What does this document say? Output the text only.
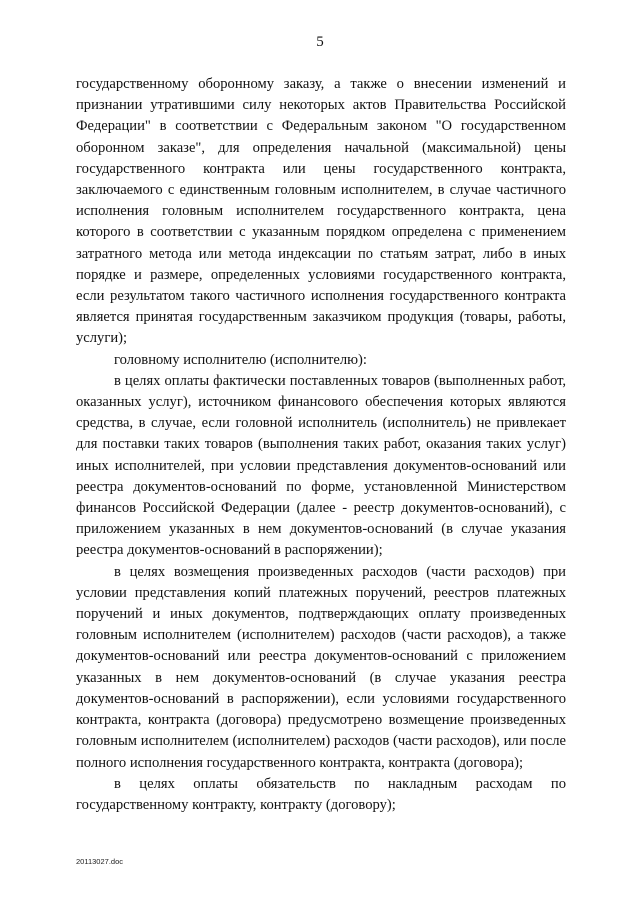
5

государственному оборонному заказу, а также о внесении изменений и признании утратившими силу некоторых актов Правительства Российской Федерации" в соответствии с Федеральным законом "О государственном оборонном заказе", для определения начальной (максимальной) цены государственного контракта или цены государственного контракта, заключаемого с единственным головным исполнителем, в случае частичного исполнения головным исполнителем государственного контракта, цена которого в соответствии с указанным порядком определена с применением затратного метода или метода индексации по статьям затрат, либо в иных порядке и размере, определенных условиями государственного контракта, если результатом такого частичного исполнения государственного контракта является принятая государственным заказчиком продукция (товары, работы, услуги);

головному исполнителю (исполнителю):

в целях оплаты фактически поставленных товаров (выполненных работ, оказанных услуг), источником финансового обеспечения которых являются средства, в случае, если головной исполнитель (исполнитель) не привлекает для поставки таких товаров (выполнения таких работ, оказания таких услуг) иных исполнителей, при условии представления документов-оснований или реестра документов-оснований по форме, установленной Министерством финансов Российской Федерации (далее - реестр документов-оснований), с приложением указанных в нем документов-оснований (в случае указания реестра документов-оснований в распоряжении);

в целях возмещения произведенных расходов (части расходов) при условии представления копий платежных поручений, реестров платежных поручений и иных документов, подтверждающих оплату произведенных головным исполнителем (исполнителем) расходов (части расходов), а также документов-оснований или реестра документов-оснований с приложением указанных в нем документов-оснований (в случае указания реестра документов-оснований в распоряжении), если условиями государственного контракта, контракта (договора) предусмотрено возмещение произведенных головным исполнителем (исполнителем) расходов (части расходов), или после полного исполнения государственного контракта, контракта (договора);

в целях оплаты обязательств по накладным расходам по государственному контракту, контракту (договору);

20113027.doc
